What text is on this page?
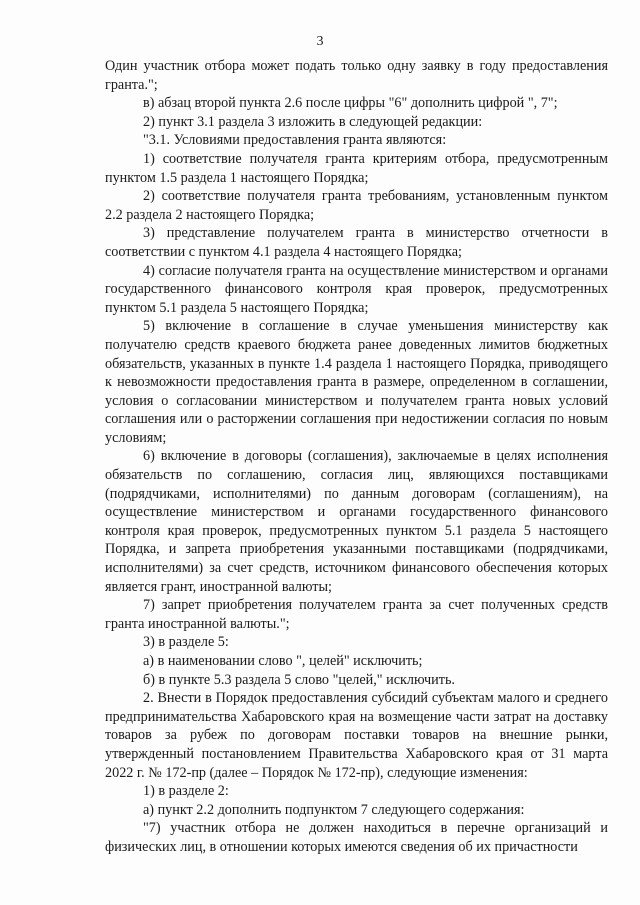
3

Один участник отбора может подать только одну заявку в году предоставления гранта.";

в) абзац второй пункта 2.6 после цифры "6" дополнить цифрой ", 7";

2) пункт 3.1 раздела 3 изложить в следующей редакции:

"3.1. Условиями предоставления гранта являются:

1) соответствие получателя гранта критериям отбора, предусмотренным пунктом 1.5 раздела 1 настоящего Порядка;

2) соответствие получателя гранта требованиям, установленным пунктом 2.2 раздела 2 настоящего Порядка;

3) представление получателем гранта в министерство отчетности в соответствии с пунктом 4.1 раздела 4 настоящего Порядка;

4) согласие получателя гранта на осуществление министерством и органами государственного финансового контроля края проверок, предусмотренных пунктом 5.1 раздела 5 настоящего Порядка;

5) включение в соглашение в случае уменьшения министерству как получателю средств краевого бюджета ранее доведенных лимитов бюджетных обязательств, указанных в пункте 1.4 раздела 1 настоящего Порядка, приводящего к невозможности предоставления гранта в размере, определенном в соглашении, условия о согласовании министерством и получателем гранта новых условий соглашения или о расторжении соглашения при недостижении согласия по новым условиям;

6) включение в договоры (соглашения), заключаемые в целях исполнения обязательств по соглашению, согласия лиц, являющихся поставщиками (подрядчиками, исполнителями) по данным договорам (соглашениям), на осуществление министерством и органами государственного финансового контроля края проверок, предусмотренных пунктом 5.1 раздела 5 настоящего Порядка, и запрета приобретения указанными поставщиками (подрядчиками, исполнителями) за счет средств, источником финансового обеспечения которых является грант, иностранной валюты;

7) запрет приобретения получателем гранта за счет полученных средств гранта иностранной валюты.";

3) в разделе 5:

а) в наименовании слово ", целей" исключить;

б) в пункте 5.3 раздела 5 слово "целей," исключить.

2. Внести в Порядок предоставления субсидий субъектам малого и среднего предпринимательства Хабаровского края на возмещение части затрат на доставку товаров за рубеж по договорам поставки товаров на внешние рынки, утвержденный постановлением Правительства Хабаровского края от 31 марта 2022 г. № 172-пр (далее – Порядок № 172-пр), следующие изменения:

1) в разделе 2:

а) пункт 2.2 дополнить подпунктом 7 следующего содержания:

"7) участник отбора не должен находиться в перечне организаций и физических лиц, в отношении которых имеются сведения об их причастности
